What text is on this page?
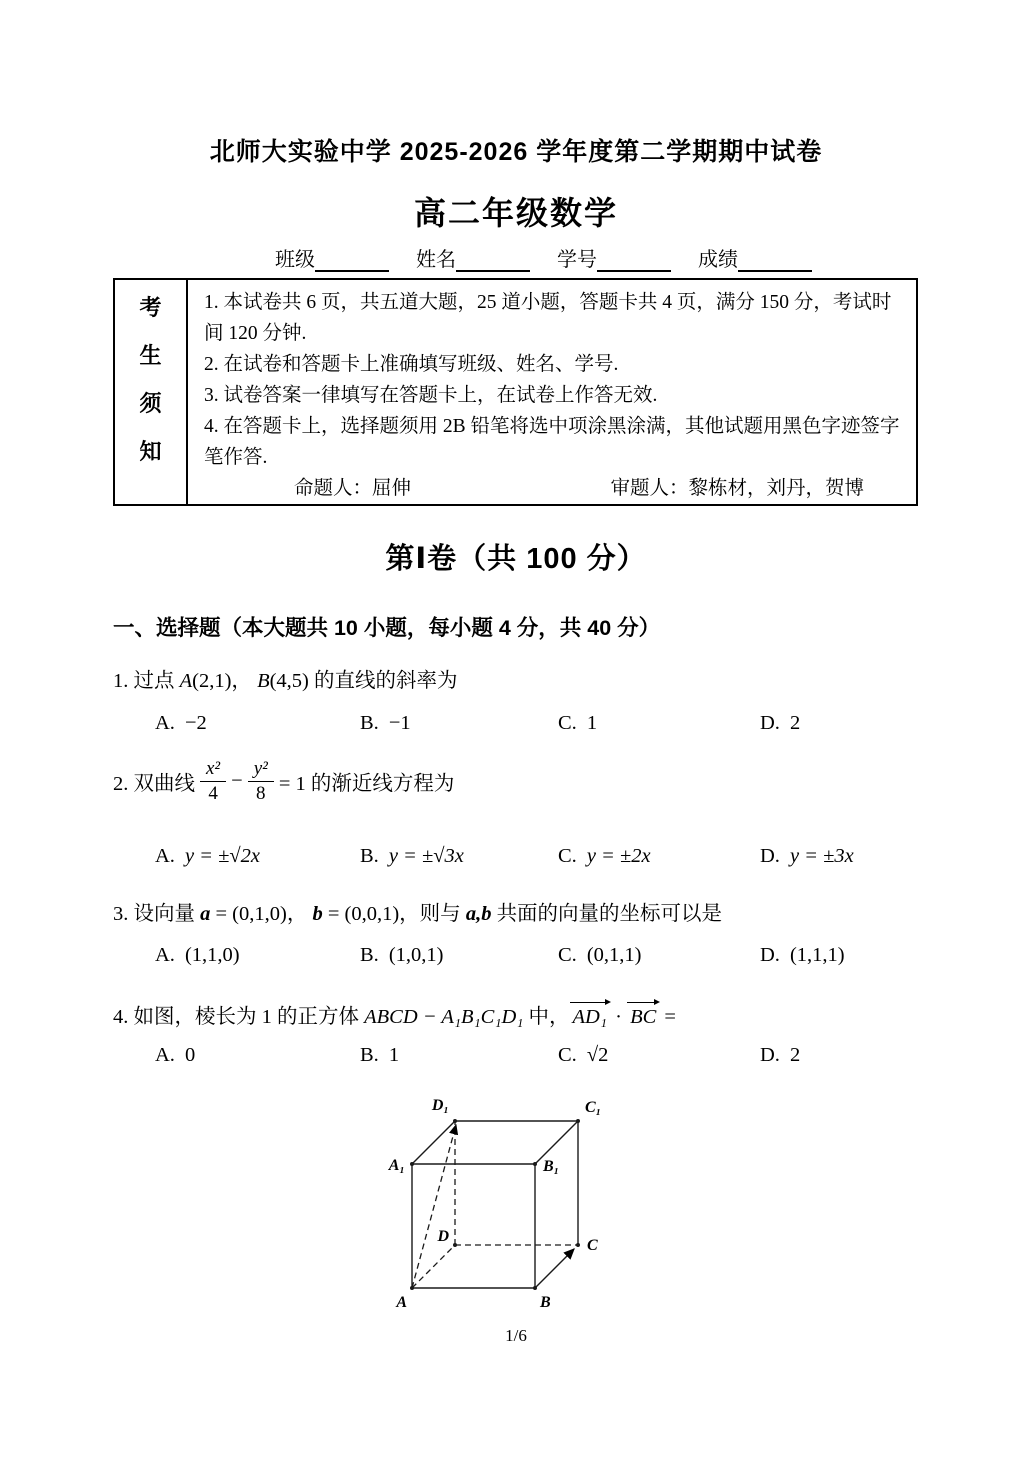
北师大实验中学 2025-2026 学年度第二学期期中试卷
高二年级数学
班级	姓名	学号	成绩
考
生
须
知

1. 本试卷共 6 页，共五道大题，25 道小题，答题卡共 4 页，满分 150 分，考试时间 120 分钟.

2. 在试卷和答题卡上准确填写班级、姓名、学号.

3. 试卷答案一律填写在答题卡上，在试卷上作答无效.

4. 在答题卡上，选择题须用 2B 铅笔将选中项涂黑涂满，其他试题用黑色字迹签字笔作答.

命题人：屈伸	审题人：黎栋材，刘丹，贺博
第Ⅰ卷（共 100 分）
一、选择题（本大题共 10 小题，每小题 4 分，共 40 分）
1. 过点 A(2,1)， B(4,5) 的直线的斜率为
A. −2	B. −1	C. 1	D. 2
2. 双曲线 $\frac{\text{x²}}{4} - \frac{\text{y²}}{8} = 1$ 的渐近线方程为
A. y = ±√2x	B. y = ±√3x	C. y = ±2x	D. y = ±3x
3. 设向量 a = (0,1,0)， b = (0,0,1)，则与 a,b 共面的向量的坐标可以是
A. (1,1,0)	B. (1,0,1)	C. (0,1,1)	D. (1,1,1)
4. 如图，棱长为 1 的正方体 ABCD − A₁B₁C₁D₁ 中， AD₁ · BC =
A. 0	B. 1	C. √2	D. 2
D₁	C₁
A₁	B₁
D
C
A	B
1/6
